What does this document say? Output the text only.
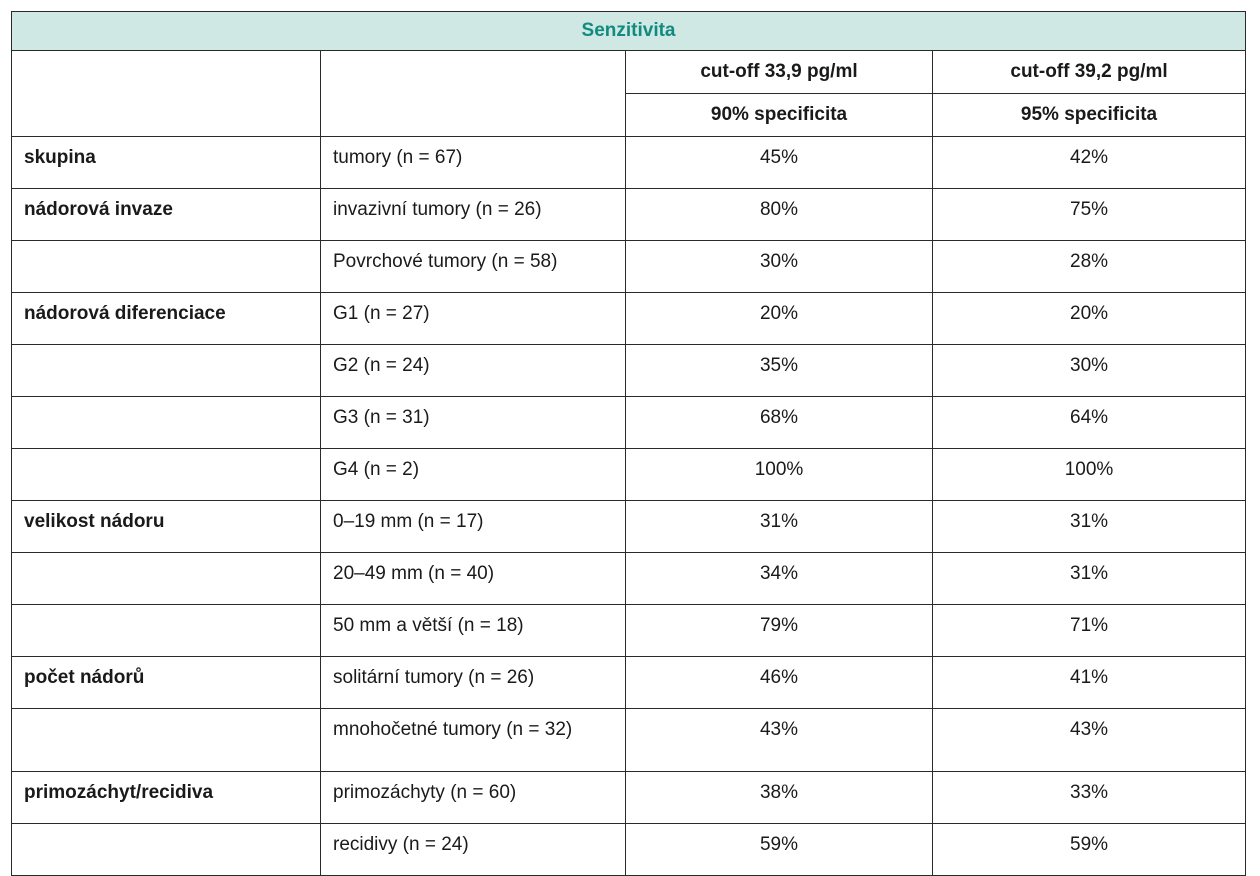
Senzitivita			
		cut-off 33,9 pg/ml	cut-off 39,2 pg/ml
		90% specificita	95% specificita
skupina	tumory (n = 67)	45%	42%
nádorová invaze	invazivní tumory (n = 26)	80%	75%
	Povrchové tumory (n = 58)	30%	28%
nádorová diferenciace	G1 (n = 27)	20%	20%
	G2 (n = 24)	35%	30%
	G3 (n = 31)	68%	64%
	G4 (n = 2)	100%	100%
velikost nádoru	0–19 mm (n = 17)	31%	31%
	20–49 mm (n = 40)	34%	31%
	50 mm a větší (n = 18)	79%	71%
počet nádorů	solitární tumory (n = 26)	46%	41%
	mnohočetné tumory (n = 32)	43%	43%
primozáchyt/recidiva	primozáchyty (n = 60)	38%	33%
	recidivy (n = 24)	59%	59%
